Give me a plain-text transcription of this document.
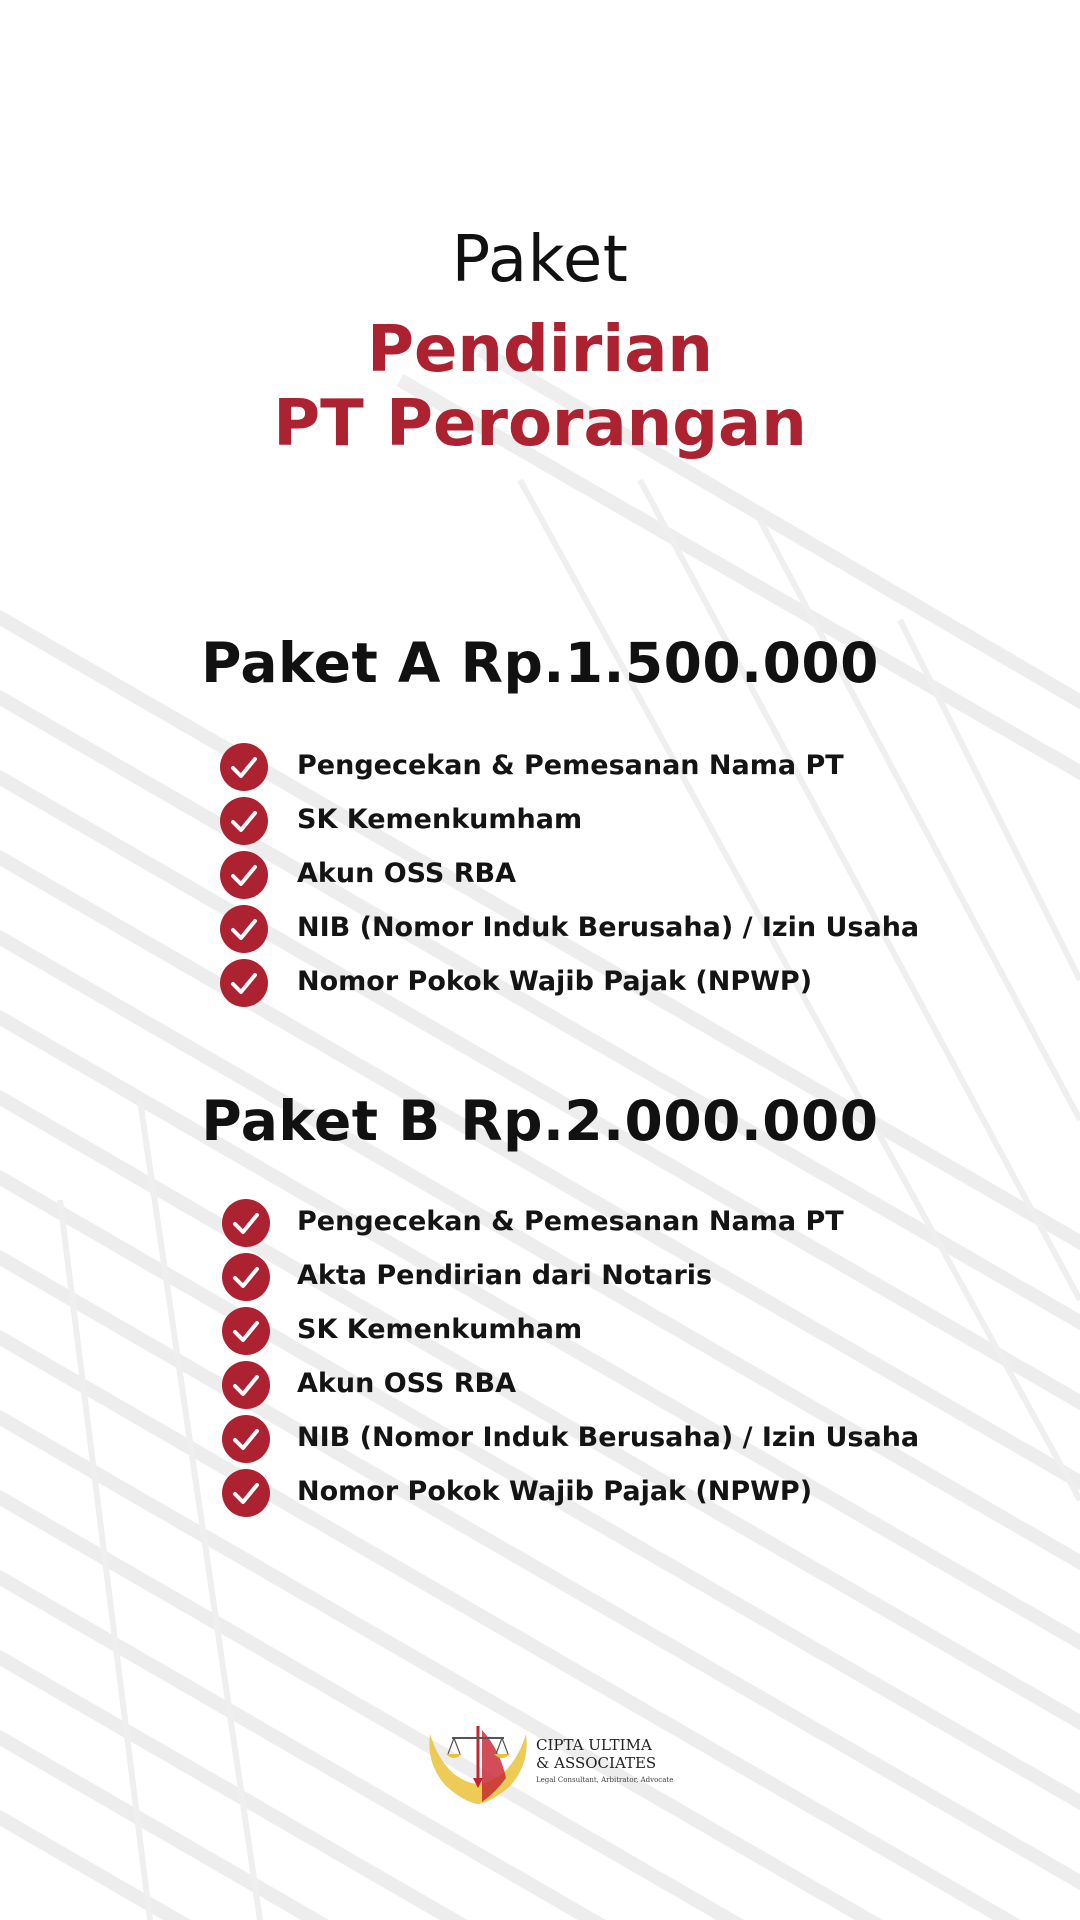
Paket
Pendirian
PT Perorangan
Paket A Rp.1.500.000
Pengecekan & Pemesanan Nama PT
SK Kemenkumham
Akun OSS RBA
NIB (Nomor Induk Berusaha) / Izin Usaha
Nomor Pokok Wajib Pajak (NPWP)
Paket B Rp.2.000.000
Pengecekan & Pemesanan Nama PT
Akta Pendirian dari Notaris
SK Kemenkumham
Akun OSS RBA
NIB (Nomor Induk Berusaha) / Izin Usaha
Nomor Pokok Wajib Pajak (NPWP)
CIPTA ULTIMA
& ASSOCIATES
Legal Consultant, Arbitrator, Advocate
